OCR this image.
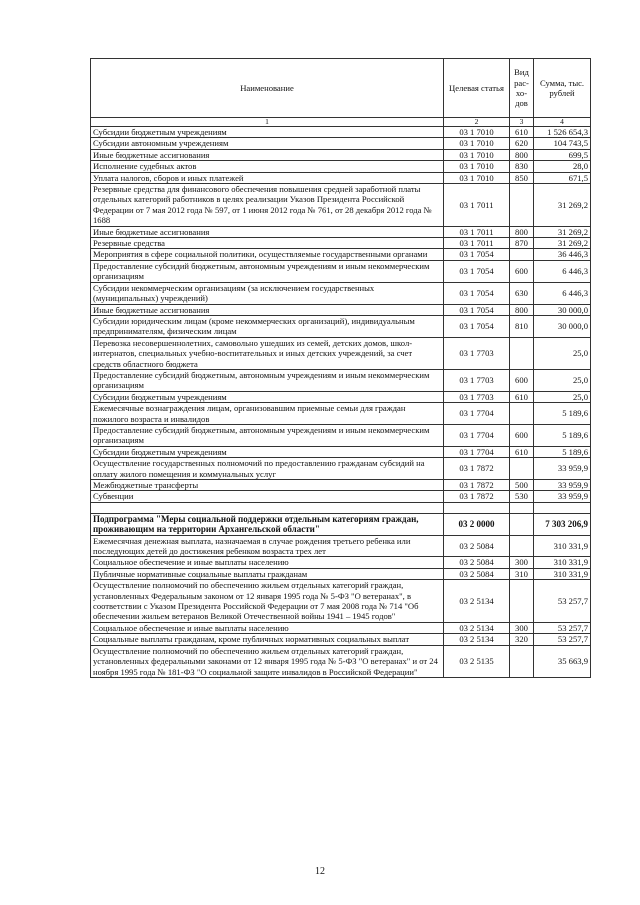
Наименование	Целевая статья	Вид рас-хо-дов	Сумма, тыс. рублей
1	2	3	4
Субсидии бюджетным учреждениям	03 1 7010	610	1 526 654,3
Субсидии автономным учреждениям	03 1 7010	620	104 743,5
Иные бюджетные ассигнования	03 1 7010	800	699,5
Исполнение судебных актов	03 1 7010	830	28,0
Уплата налогов, сборов и иных платежей	03 1 7010	850	671,5
Резервные средства для финансового обеспечения повышения средней заработной платы отдельных категорий работников в целях реализации Указов Президента Российской Федерации от 7 мая 2012 года № 597, от 1 июня 2012 года № 761, от 28 декабря 2012 года № 1688	03 1 7011		31 269,2
Иные бюджетные ассигнования	03 1 7011	800	31 269,2
Резервные средства	03 1 7011	870	31 269,2
Мероприятия в сфере социальной политики, осуществляемые государственными органами	03 1 7054		36 446,3
Предоставление субсидий бюджетным, автономным учреждениям и иным некоммерческим организациям	03 1 7054	600	6 446,3
Субсидии некоммерческим организациям (за исключением государственных (муниципальных) учреждений)	03 1 7054	630	6 446,3
Иные бюджетные ассигнования	03 1 7054	800	30 000,0
Субсидии юридическим лицам (кроме некоммерческих организаций), индивидуальным предпринимателям, физическим лицам	03 1 7054	810	30 000,0
Перевозка несовершеннолетних, самовольно ушедших из семей, детских домов, школ-интернатов, специальных учебно-воспитательных и иных детских учреждений, за счет средств областного бюджета	03 1 7703		25,0
Предоставление субсидий бюджетным, автономным учреждениям и иным некоммерческим организациям	03 1 7703	600	25,0
Субсидии бюджетным учреждениям	03 1 7703	610	25,0
Ежемесячные вознаграждения лицам, организовавшим приемные семьи для граждан пожилого возраста и инвалидов	03 1 7704		5 189,6
Предоставление субсидий бюджетным, автономным учреждениям и иным некоммерческим организациям	03 1 7704	600	5 189,6
Субсидии бюджетным учреждениям	03 1 7704	610	5 189,6
Осуществление государственных полномочий по предоставлению гражданам субсидий на оплату жилого помещения и коммунальных услуг	03 1 7872		33 959,9
Межбюджетные трансферты	03 1 7872	500	33 959,9
Субвенции	03 1 7872	530	33 959,9

Подпрограмма "Меры социальной поддержки отдельным категориям граждан, проживающим на территории Архангельской области"	03 2 0000		7 303 206,9
Ежемесячная денежная выплата, назначаемая в случае рождения третьего ребенка или последующих детей до достижения ребенком возраста трех лет	03 2 5084		310 331,9
Социальное обеспечение и иные выплаты населению	03 2 5084	300	310 331,9
Публичные нормативные социальные выплаты гражданам	03 2 5084	310	310 331,9
Осуществление полномочий по обеспечению жильем отдельных категорий граждан, установленных Федеральным законом от 12 января 1995 года № 5-ФЗ "О ветеранах", в соответствии с Указом Президента Российской Федерации от 7 мая 2008 года № 714 "Об обеспечении жильем ветеранов Великой Отечественной войны 1941 – 1945 годов"	03 2 5134		53 257,7
Социальное обеспечение и иные выплаты населению	03 2 5134	300	53 257,7
Социальные выплаты гражданам, кроме публичных нормативных социальных выплат	03 2 5134	320	53 257,7
Осуществление полномочий по обеспечению жильем отдельных категорий граждан, установленных федеральными законами от 12 января 1995 года № 5-ФЗ "О ветеранах" и от 24 ноября 1995 года № 181-ФЗ "О социальной защите инвалидов в Российской Федерации"	03 2 5135		35 663,9
12
